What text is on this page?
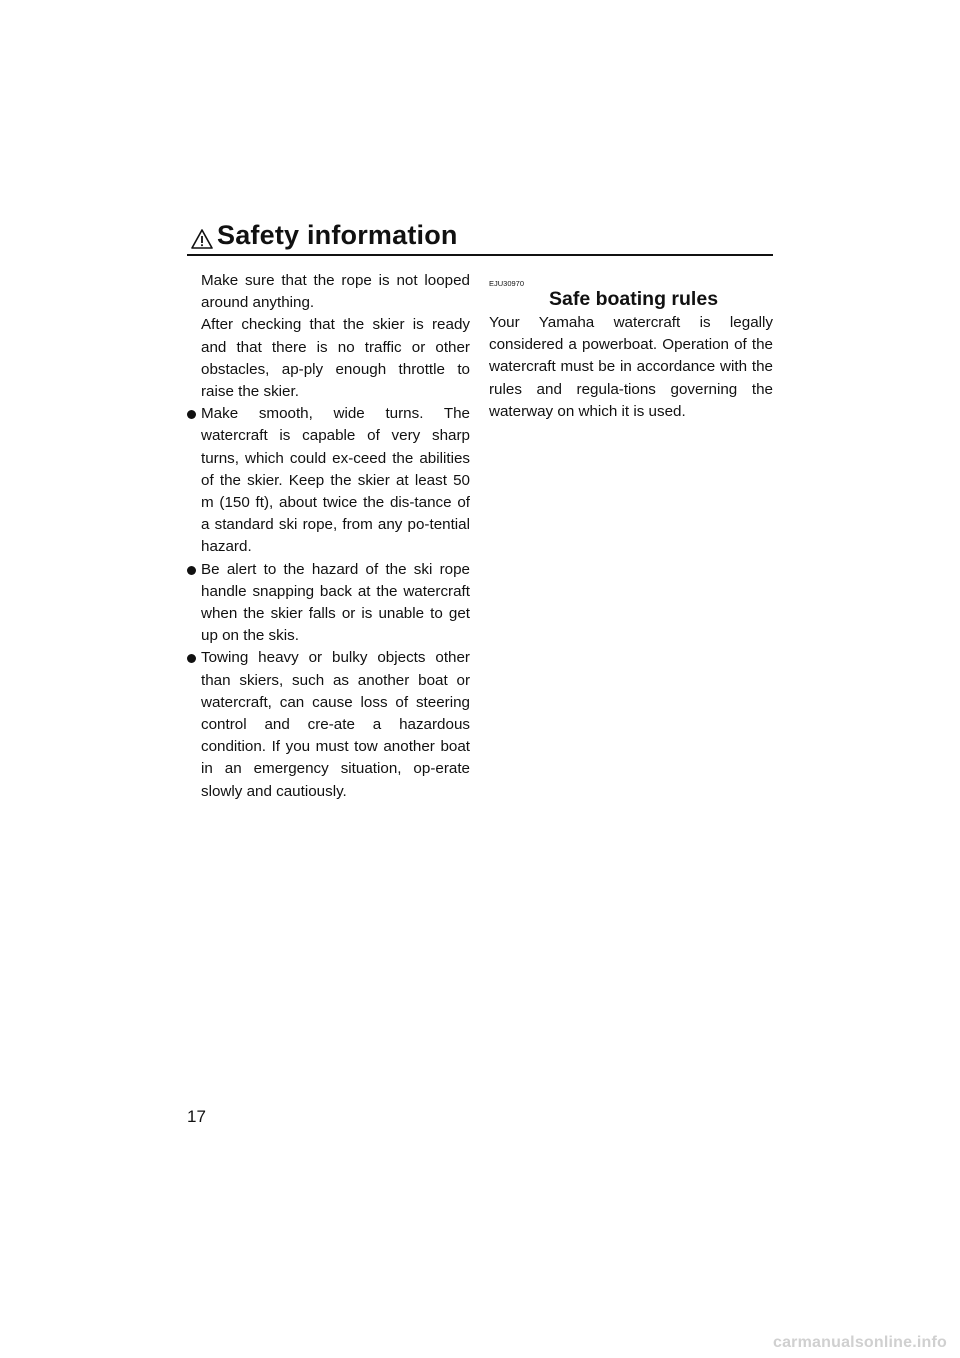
Safety information
Make sure that the rope is not looped around anything.
After checking that the skier is ready and that there is no traffic or other obstacles, ap-ply enough throttle to raise the skier.
Make smooth, wide turns. The watercraft is capable of very sharp turns, which could ex-ceed the abilities of the skier. Keep the skier at least 50 m (150 ft), about twice the dis-tance of a standard ski rope, from any po-tential hazard.
Be alert to the hazard of the ski rope handle snapping back at the watercraft when the skier falls or is unable to get up on the skis.
Towing heavy or bulky objects other than skiers, such as another boat or watercraft, can cause loss of steering control and cre-ate a hazardous condition. If you must tow another boat in an emergency situation, op-erate slowly and cautiously.
EJU30970
Safe boating rules
Your Yamaha watercraft is legally considered a powerboat. Operation of the watercraft must be in accordance with the rules and regula-tions governing the waterway on which it is used.
17
carmanualsonline.info
